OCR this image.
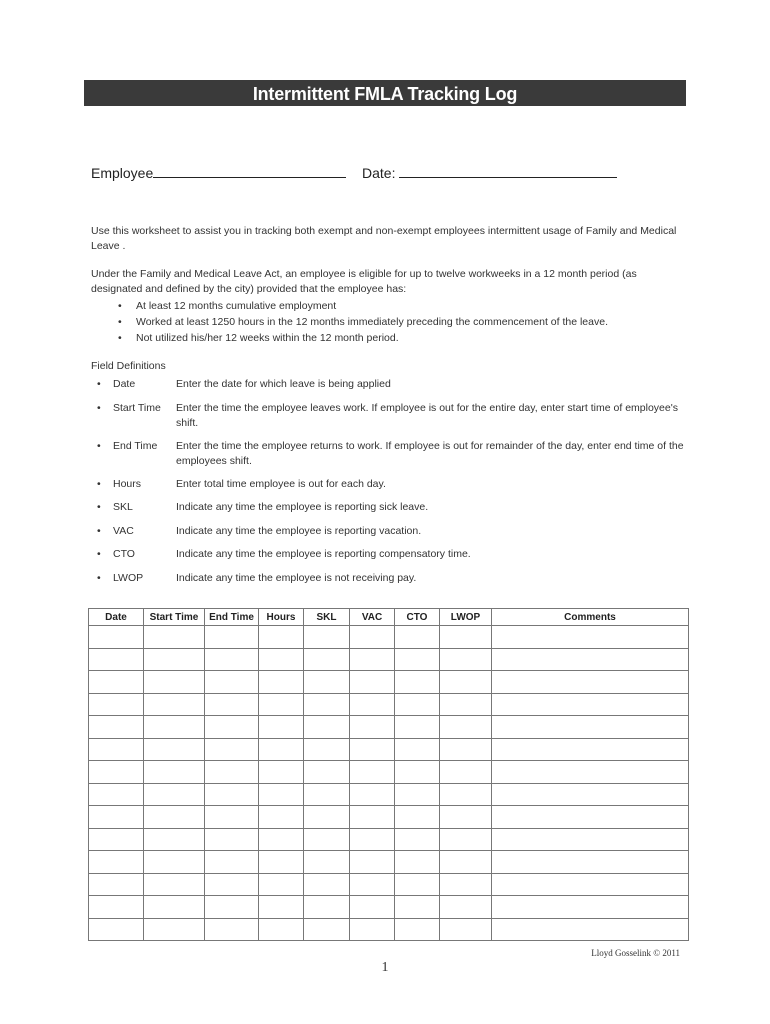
Intermittent FMLA Tracking Log
Employee	Date:
Use this worksheet to assist you in tracking both exempt and non-exempt employees intermittent usage of Family and Medical Leave .
Under the Family and Medical Leave Act, an employee is eligible for up to twelve workweeks in a 12 month period (as designated and defined by the city) provided that the employee has:
• At least 12 months cumulative employment
• Worked at least 1250 hours in the 12 months immediately preceding the commencement of the leave.
• Not utilized his/her 12 weeks within the 12 month period.
Field Definitions
• Date	Enter the date for which leave is being applied
• Start Time Enter the time the employee leaves work. If employee is out for the entire day, enter start time of employee's shift.
• End Time Enter the time the employee returns to work. If employee is out for remainder of the day, enter end time of the employees shift.
• Hours	Enter total time employee is out for each day.
• SKL	Indicate any time the employee is reporting sick leave.
• VAC	Indicate any time the employee is reporting vacation.
• CTO	Indicate any time the employee is reporting compensatory time.
• LWOP	Indicate any time the employee is not receiving pay.
Date	Start Time	End Time	Hours	SKL	VAC	CTO	LWOP	Comments

Lloyd Gosselink © 2011
1
